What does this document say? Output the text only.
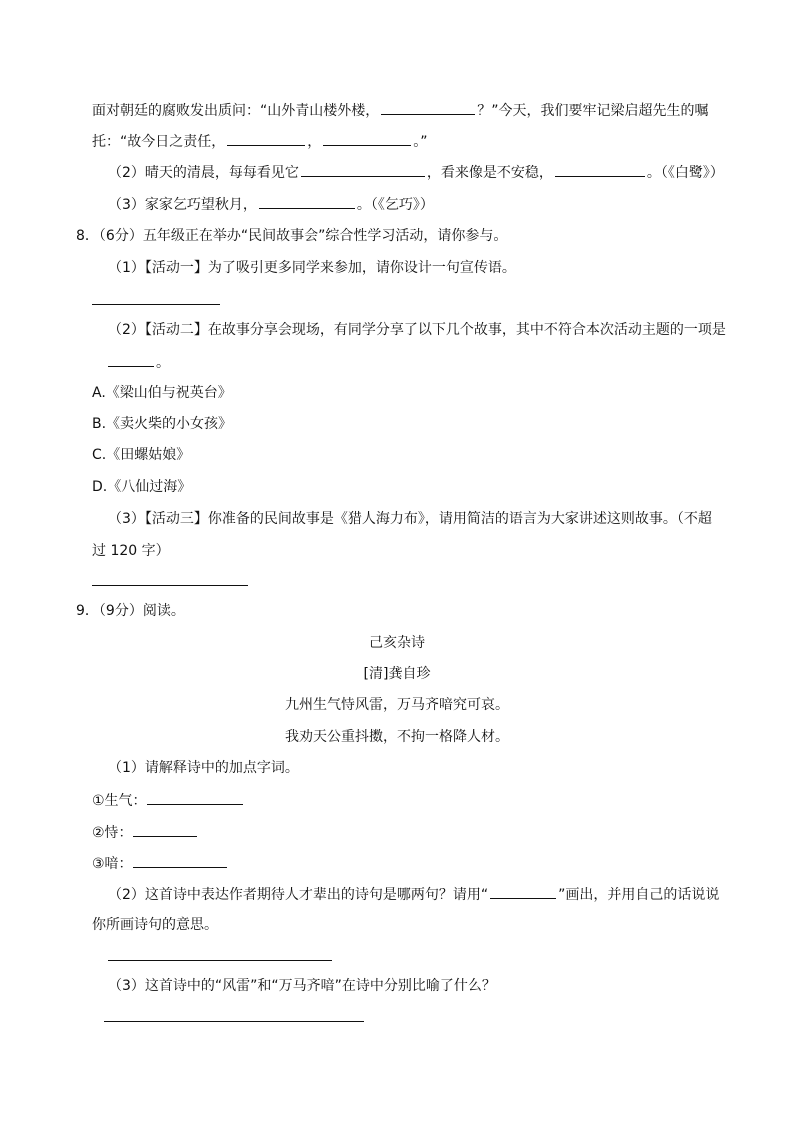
面对朝廷的腐败发出质问：“山外青山楼外楼，	？”今天，我们要牢记梁启超先生的嘱
托：“故今日之责任，	，	。”
（2）晴天的清晨，每每看见它	，看来像是不安稳，	。（《白鹭》）
（3）家家乞巧望秋月，	。（《乞巧》）
8．（6分）五年级正在举办“民间故事会”综合性学习活动，请你参与。
（1）【活动一】为了吸引更多同学来参加，请你设计一句宣传语。
（2）【活动二】在故事分享会现场，有同学分享了以下几个故事，其中不符合本次活动主题的一项是
。
A.《梁山伯与祝英台》
B.《卖火柴的小女孩》
C.《田螺姑娘》
D.《八仙过海》
（3）【活动三】你准备的民间故事是《猎人海力布》，请用简洁的语言为大家讲述这则故事。（不超
过 120 字）
9．（9分）阅读。
己亥杂诗
[清]龚自珍
九州生气恃风雷，万马齐喑究可哀。
我劝天公重抖擞，不拘一格降人材。
（1）请解释诗中的加点字词。
①生气：
②恃：
③喑：
（2）这首诗中表达作者期待人才辈出的诗句是哪两句？请用“	”画出，并用自己的话说说
你所画诗句的意思。
（3）这首诗中的“风雷”和“万马齐喑”在诗中分别比喻了什么？
